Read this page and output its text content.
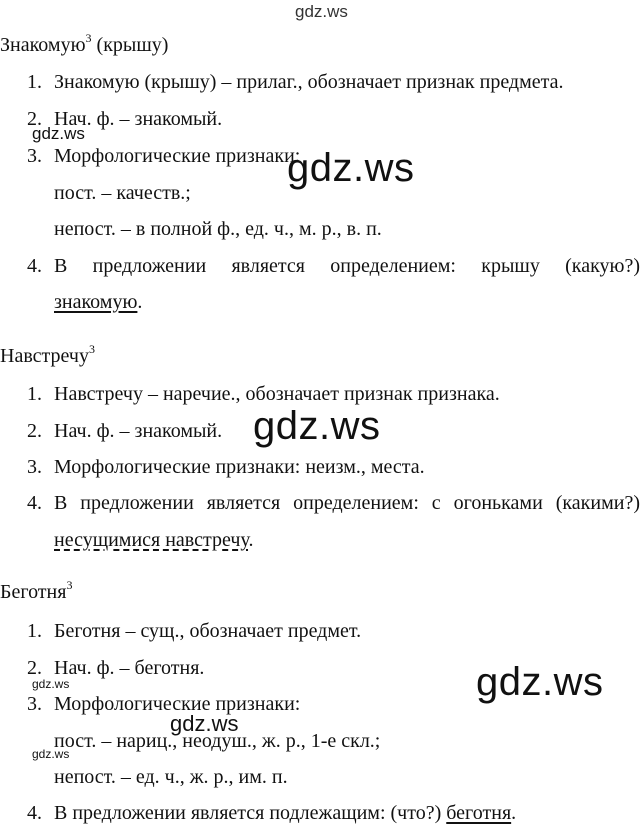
gdz.ws
gdz.ws
gdz.ws
gdz.ws
gdz.ws
gdz.ws
gdz.ws
gdz.ws
Знакомую$^3$ (крышу)
1. Знакомую (крышу) – прилаг., обозначает признак предмета.
2. Нач. ф. – знакомый.
3. Морфологические признаки:
пост. – качеств.;
непост. – в полной ф., ед. ч., м. р., в. п.
4. В предложении является определением: крышу (какую?)
знакомую.
Навстречу$^3$
1. Навстречу – наречие., обозначает признак признака.
2. Нач. ф. – знакомый.
3. Морфологические признаки: неизм., места.
4. В предложении является определением: с огоньками (какими?)
несущимися навстречу.
Беготня$^3$
1. Беготня – сущ., обозначает предмет.
2. Нач. ф. – беготня.
3. Морфологические признаки:
пост. – нариц., неодуш., ж. р., 1-е скл.;
непост. – ед. ч., ж. р., им. п.
4. В предложении является подлежащим: (что?) беготня.
